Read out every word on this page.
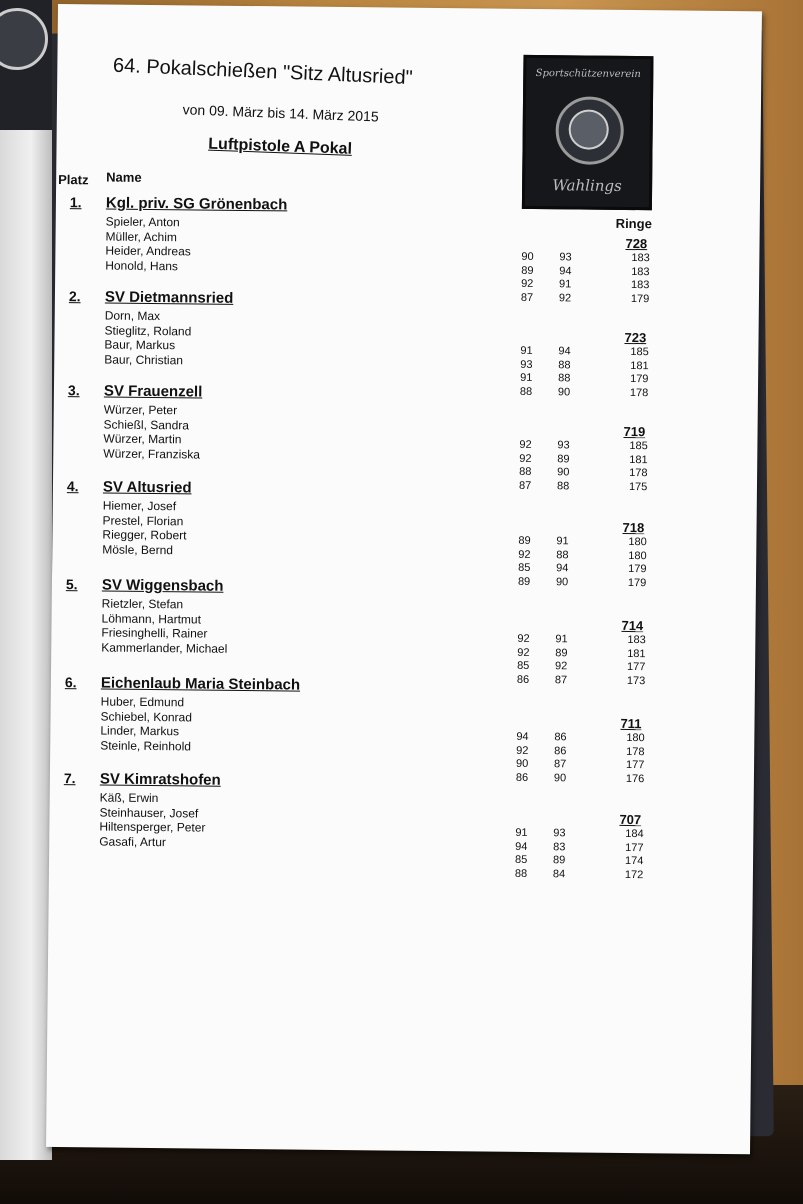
64. Pokalschießen "Sitz Altusried"
von 09. März bis 14. März 2015
Luftpistole A Pokal
Sportschützenverein
Wahlings
Platz Name
Ringe
1. Kgl. priv. SG Grönenbach
728
Spieler, Anton
Müller, Achim
Heider, Andreas
Honold, Hans
90 93
89 94
92 91
87 92
183
183
183
179
2. SV Dietmannsried
723
Dorn, Max
Stieglitz, Roland
Baur, Markus
Baur, Christian
91 94
93 88
91 88
88 90
185
181
179
178
3. SV Frauenzell
719
Würzer, Peter
Schießl, Sandra
Würzer, Martin
Würzer, Franziska
92 93
92 89
88 90
87 88
185
181
178
175
4. SV Altusried
718
Hiemer, Josef
Prestel, Florian
Riegger, Robert
Mösle, Bernd
89 91
92 88
85 94
89 90
180
180
179
179
5. SV Wiggensbach
714
Rietzler, Stefan
Löhmann, Hartmut
Friesinghelli, Rainer
Kammerlander, Michael
92 91
92 89
85 92
86 87
183
181
177
173
6. Eichenlaub Maria Steinbach
711
Huber, Edmund
Schiebel, Konrad
Linder, Markus
Steinle, Reinhold
94 86
92 86
90 87
86 90
180
178
177
176
7. SV Kimratshofen
707
Käß, Erwin
Steinhauser, Josef
Hiltensperger, Peter
Gasafi, Artur
91 93
94 83
85 89
88 84
184
177
174
172
